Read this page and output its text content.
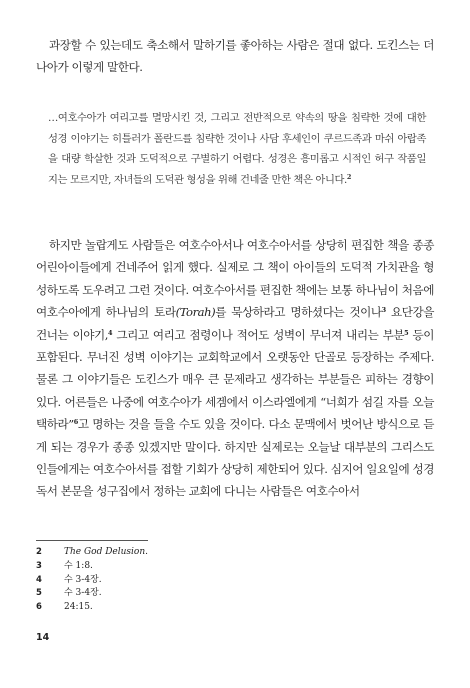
과장할 수 있는데도 축소해서 말하기를 좋아하는 사람은 절대 없다. 도킨스는 더 나아가 이렇게 말한다.

…여호수아가 여리고를 멸망시킨 것, 그리고 전반적으로 약속의 땅을 침략한 것에 대한 성경 이야기는 히틀러가 폴란드를 침략한 것이나 사담 후세인이 쿠르드족과 마쉬 아랍족을 대량 학살한 것과 도덕적으로 구별하기 어렵다. 성경은 흥미롭고 시적인 허구 작품일지는 모르지만, 자녀들의 도덕관 형성을 위해 건네줄 만한 책은 아니다.$^2$

하지만 놀랍게도 사람들은 여호수아서나 여호수아서를 상당히 편집한 책을 종종 어린아이들에게 건네주어 읽게 했다. 실제로 그 책이 아이들의 도덕적 가치관을 형성하도록 도우려고 그런 것이다. 여호수아서를 편집한 책에는 보통 하나님이 처음에 여호수아에게 하나님의 토라(Torah)를 묵상하라고 명하셨다는 것이나$^3$ 요단강을 건너는 이야기,$^4$ 그리고 여리고 점령이나 적어도 성벽이 무너져 내리는 부분$^5$ 등이 포함된다. 무너진 성벽 이야기는 교회학교에서 오랫동안 단골로 등장하는 주제다. 물론 그 이야기들은 도킨스가 매우 큰 문제라고 생각하는 부분들은 피하는 경향이 있다. 어른들은 나중에 여호수아가 세겜에서 이스라엘에게 “너희가 섬길 자를 오늘 택하라”$^6$고 명하는 것을 들을 수도 있을 것이다. 다소 문맥에서 벗어난 방식으로 듣게 되는 경우가 종종 있겠지만 말이다. 하지만 실제로는 오늘날 대부분의 그리스도인들에게는 여호수아서를 접할 기회가 상당히 제한되어 있다. 심지어 일요일에 성경 독서 본문을 성구집에서 정하는 교회에 다니는 사람들은 여호수아서

2	The God Delusion.
3	수 1:8.
4	수 3-4장.
5	수 3-4장.
6	24:15.
14
